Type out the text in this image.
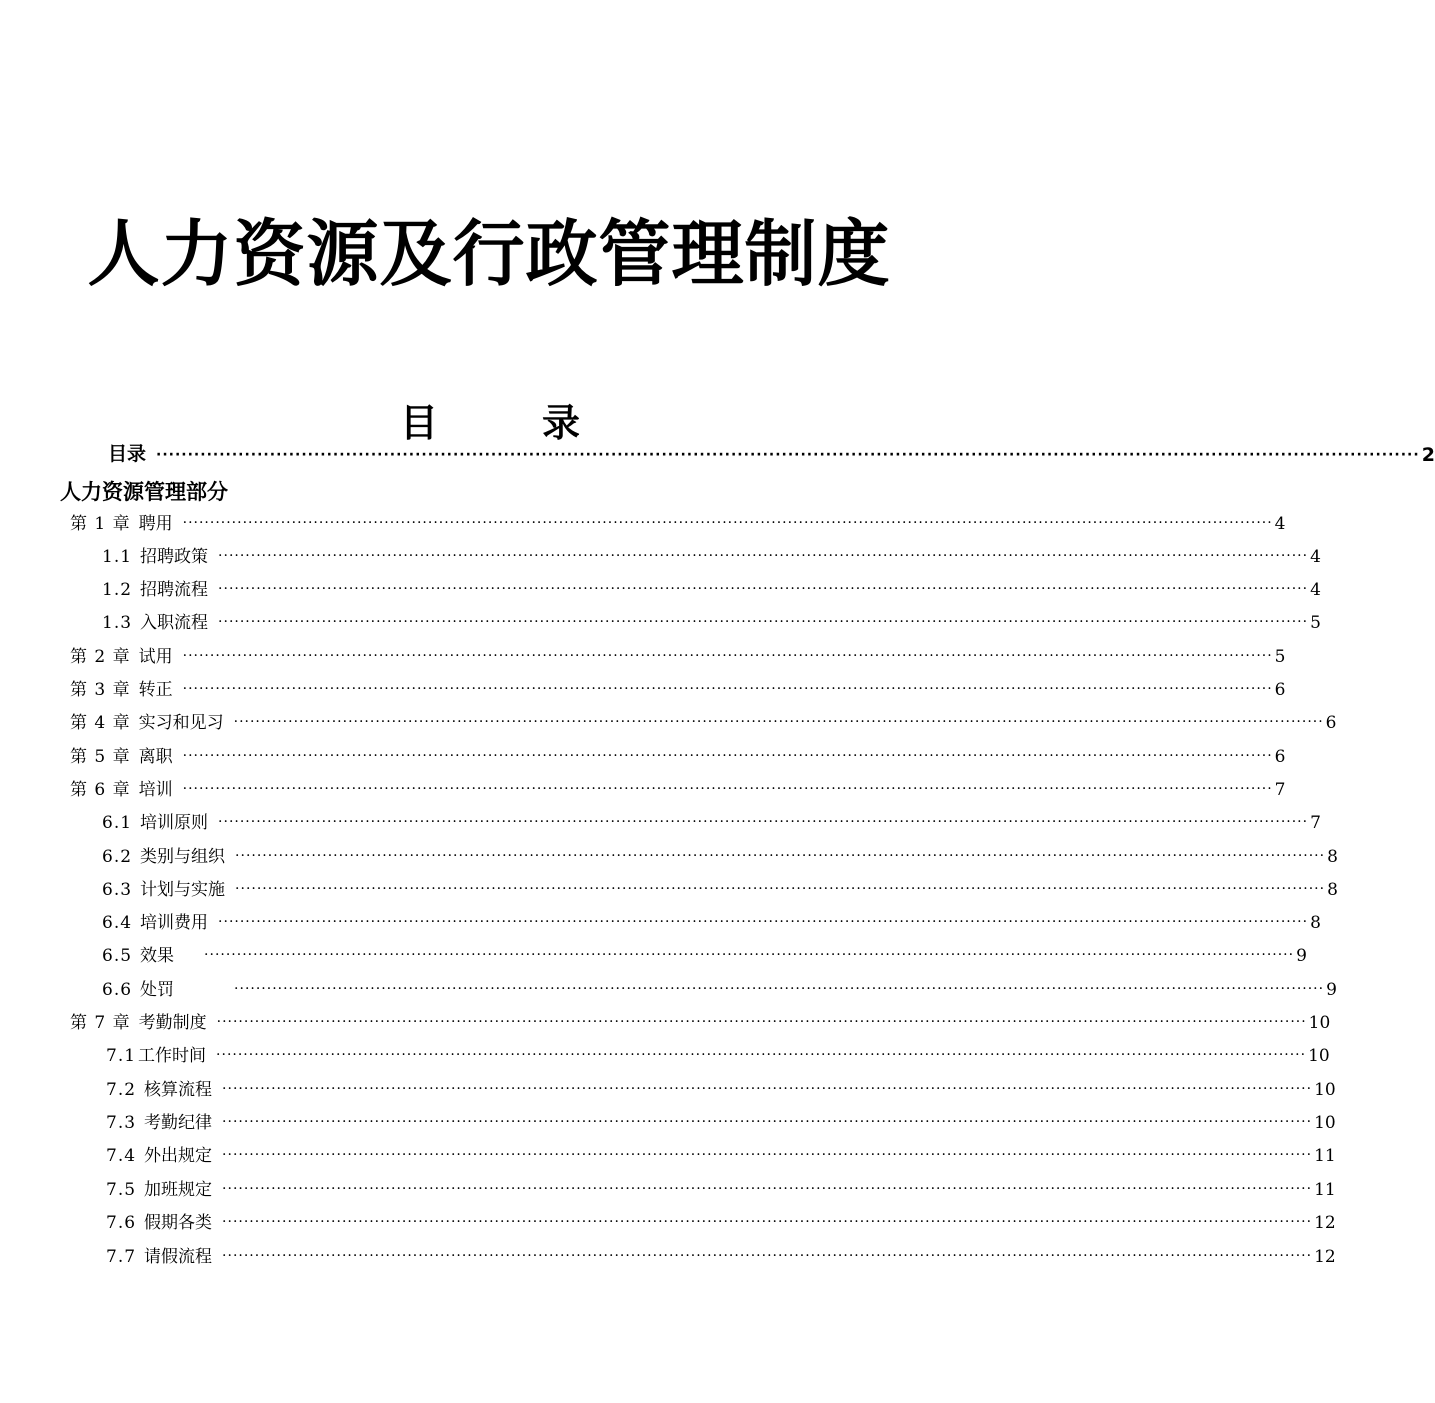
人力资源及行政管理制度
目	录
目录 ········································································································································································································ 2
人力资源管理部分
第 1 章 聘用 ········································································································································································································ 4
1.1 招聘政策 ········································································································································································································ 4
1.2 招聘流程 ········································································································································································································ 4
1.3 入职流程 ········································································································································································································ 5
第 2 章 试用 ········································································································································································································ 5
第 3 章 转正 ········································································································································································································ 6
第 4 章 实习和见习 ········································································································································································································ 6
第 5 章 离职 ········································································································································································································ 6
第 6 章 培训 ········································································································································································································ 7
6.1 培训原则 ········································································································································································································ 7
6.2 类别与组织 ········································································································································································································ 8
6.3 计划与实施 ········································································································································································································ 8
6.4 培训费用 ········································································································································································································ 8
6.5 效果 ········································································································································································································ 9
6.6 处罚	········································································································································································································ 9
第 7 章 考勤制度 ········································································································································································································ 10
7.1 工作时间 ········································································································································································································ 10
7.2 核算流程 ········································································································································································································ 10
7.3 考勤纪律 ········································································································································································································ 10
7.4 外出规定 ········································································································································································································ 11
7.5 加班规定 ········································································································································································································ 11
7.6 假期各类 ········································································································································································································ 12
7.7 请假流程 ········································································································································································································ 12
